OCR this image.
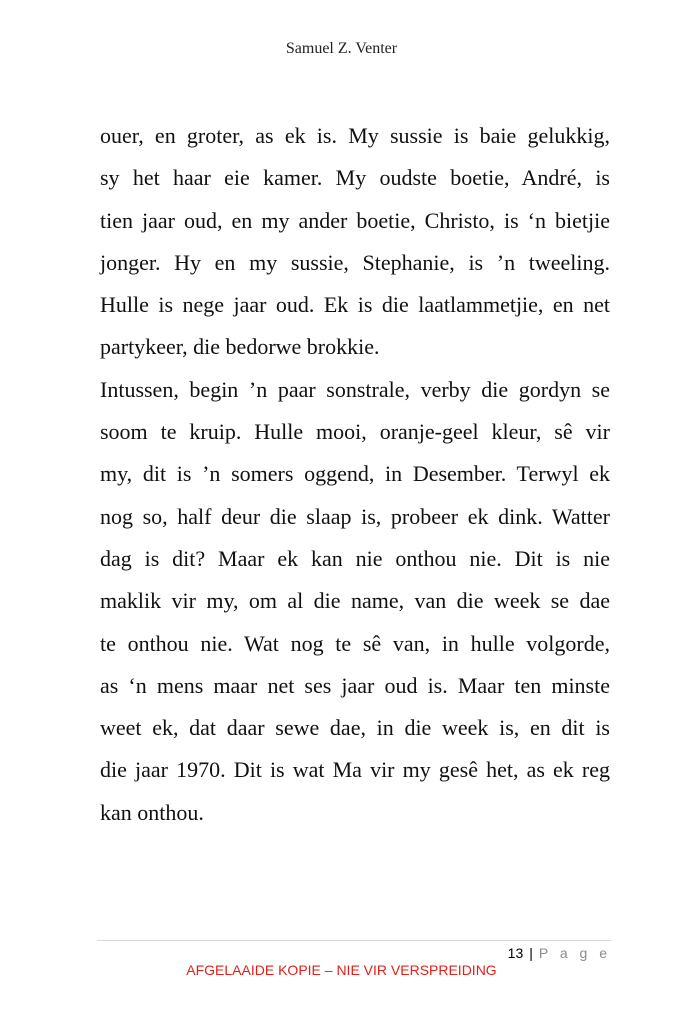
Samuel Z. Venter
ouer, en groter, as ek is. My sussie is baie gelukkig,
sy het haar eie kamer. My oudste boetie, André, is
tien jaar oud, en my ander boetie, Christo, is ‘n bietjie
jonger. Hy en my sussie, Stephanie, is ’n tweeling.
Hulle is nege jaar oud. Ek is die laatlammetjie, en net
partykeer, die bedorwe brokkie.
Intussen, begin ’n paar sonstrale, verby die gordyn se
soom te kruip. Hulle mooi, oranje-geel kleur, sê vir
my, dit is ’n somers oggend, in Desember. Terwyl ek
nog so, half deur die slaap is, probeer ek dink. Watter
dag is dit? Maar ek kan nie onthou nie. Dit is nie
maklik vir my, om al die name, van die week se dae
te onthou nie. Wat nog te sê van, in hulle volgorde,
as ‘n mens maar net ses jaar oud is. Maar ten minste
weet ek, dat daar sewe dae, in die week is, en dit is
die jaar 1970. Dit is wat Ma vir my gesê het, as ek reg
kan onthou.
13 | P a g e
AFGELAAIDE KOPIE – NIE VIR VERSPREIDING
